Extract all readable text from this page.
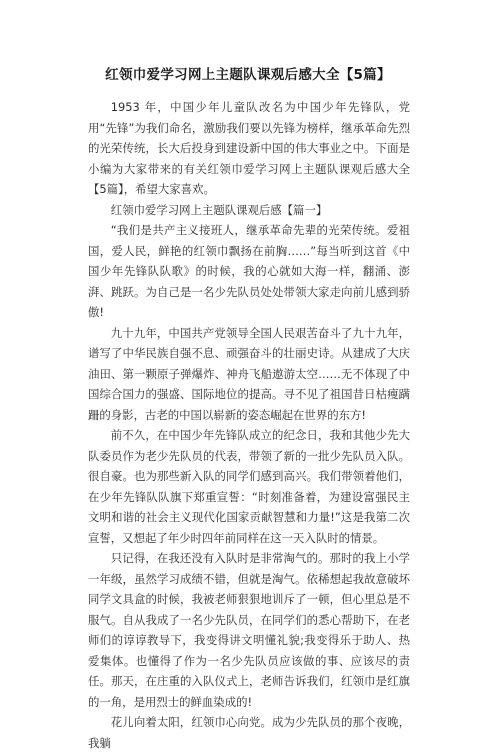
红领巾爱学习网上主题队课观后感大全【5篇】

1953 年，中国少年儿童队改名为中国少年先锋队，党用“先锋”为我们命名，激励我们要以先锋为榜样，继承革命先烈的光荣传统，长大后投身到建设新中国的伟大事业之中。下面是小编为大家带来的有关红领巾爱学习网上主题队课观后感大全【5篇】，希望大家喜欢。

红领巾爱学习网上主题队课观后感【篇一】

“我们是共产主义接班人，继承革命先辈的光荣传统。爱祖国，爱人民，鲜艳的红领巾飘扬在前胸……”每当听到这首《中国少年先锋队队歌》的时候，我的心就如大海一样，翻涌、澎湃、跳跃。为自己是一名少先队员处处带领大家走向前儿感到骄傲!

九十九年，中国共产党领导全国人民艰苦奋斗了九十九年，谱写了中华民族自强不息、顽强奋斗的壮丽史诗。从建成了大庆油田、第一颗原子弹爆炸、神舟飞船遨游太空……无不体现了中国综合国力的强盛、国际地位的提高。寻不见了祖国昔日枯瘦蹒跚的身影，古老的中国以崭新的姿态崛起在世界的东方!

前不久，在中国少年先锋队成立的纪念日，我和其他少先大队委员作为老少先队员的代表，带领了新的一批少先队员入队。很自豪。也为那些新入队的同学们感到高兴。我们带领着他们，在少年先锋队队旗下郑重宣誓：“时刻准备着，为建设富强民主文明和谐的社会主义现代化国家贡献智慧和力量!”这是我第二次宣誓，又想起了年少时四年前同样在这一天入队时的情景。

只记得，在我还没有入队时是非常淘气的。那时的我上小学一年级，虽然学习成绩不错，但就是淘气。依稀想起我故意破坏同学文具盒的时候，我被老师狠狠地训斥了一顿，但心里总是不服气。自从我成了一名少先队员，在同学们的悉心帮助下，在老师们的谆谆教导下，我变得讲文明懂礼貌;我变得乐于助人、热爱集体。也懂得了作为一名少先队员应该做的事、应该尽的责任。那天，在庄重的入队仪式上，老师告诉我们，红领巾是红旗的一角，是用烈士的鲜血染成的!

花儿向着太阳，红领巾心向党。成为少先队员的那个夜晚，我躺
